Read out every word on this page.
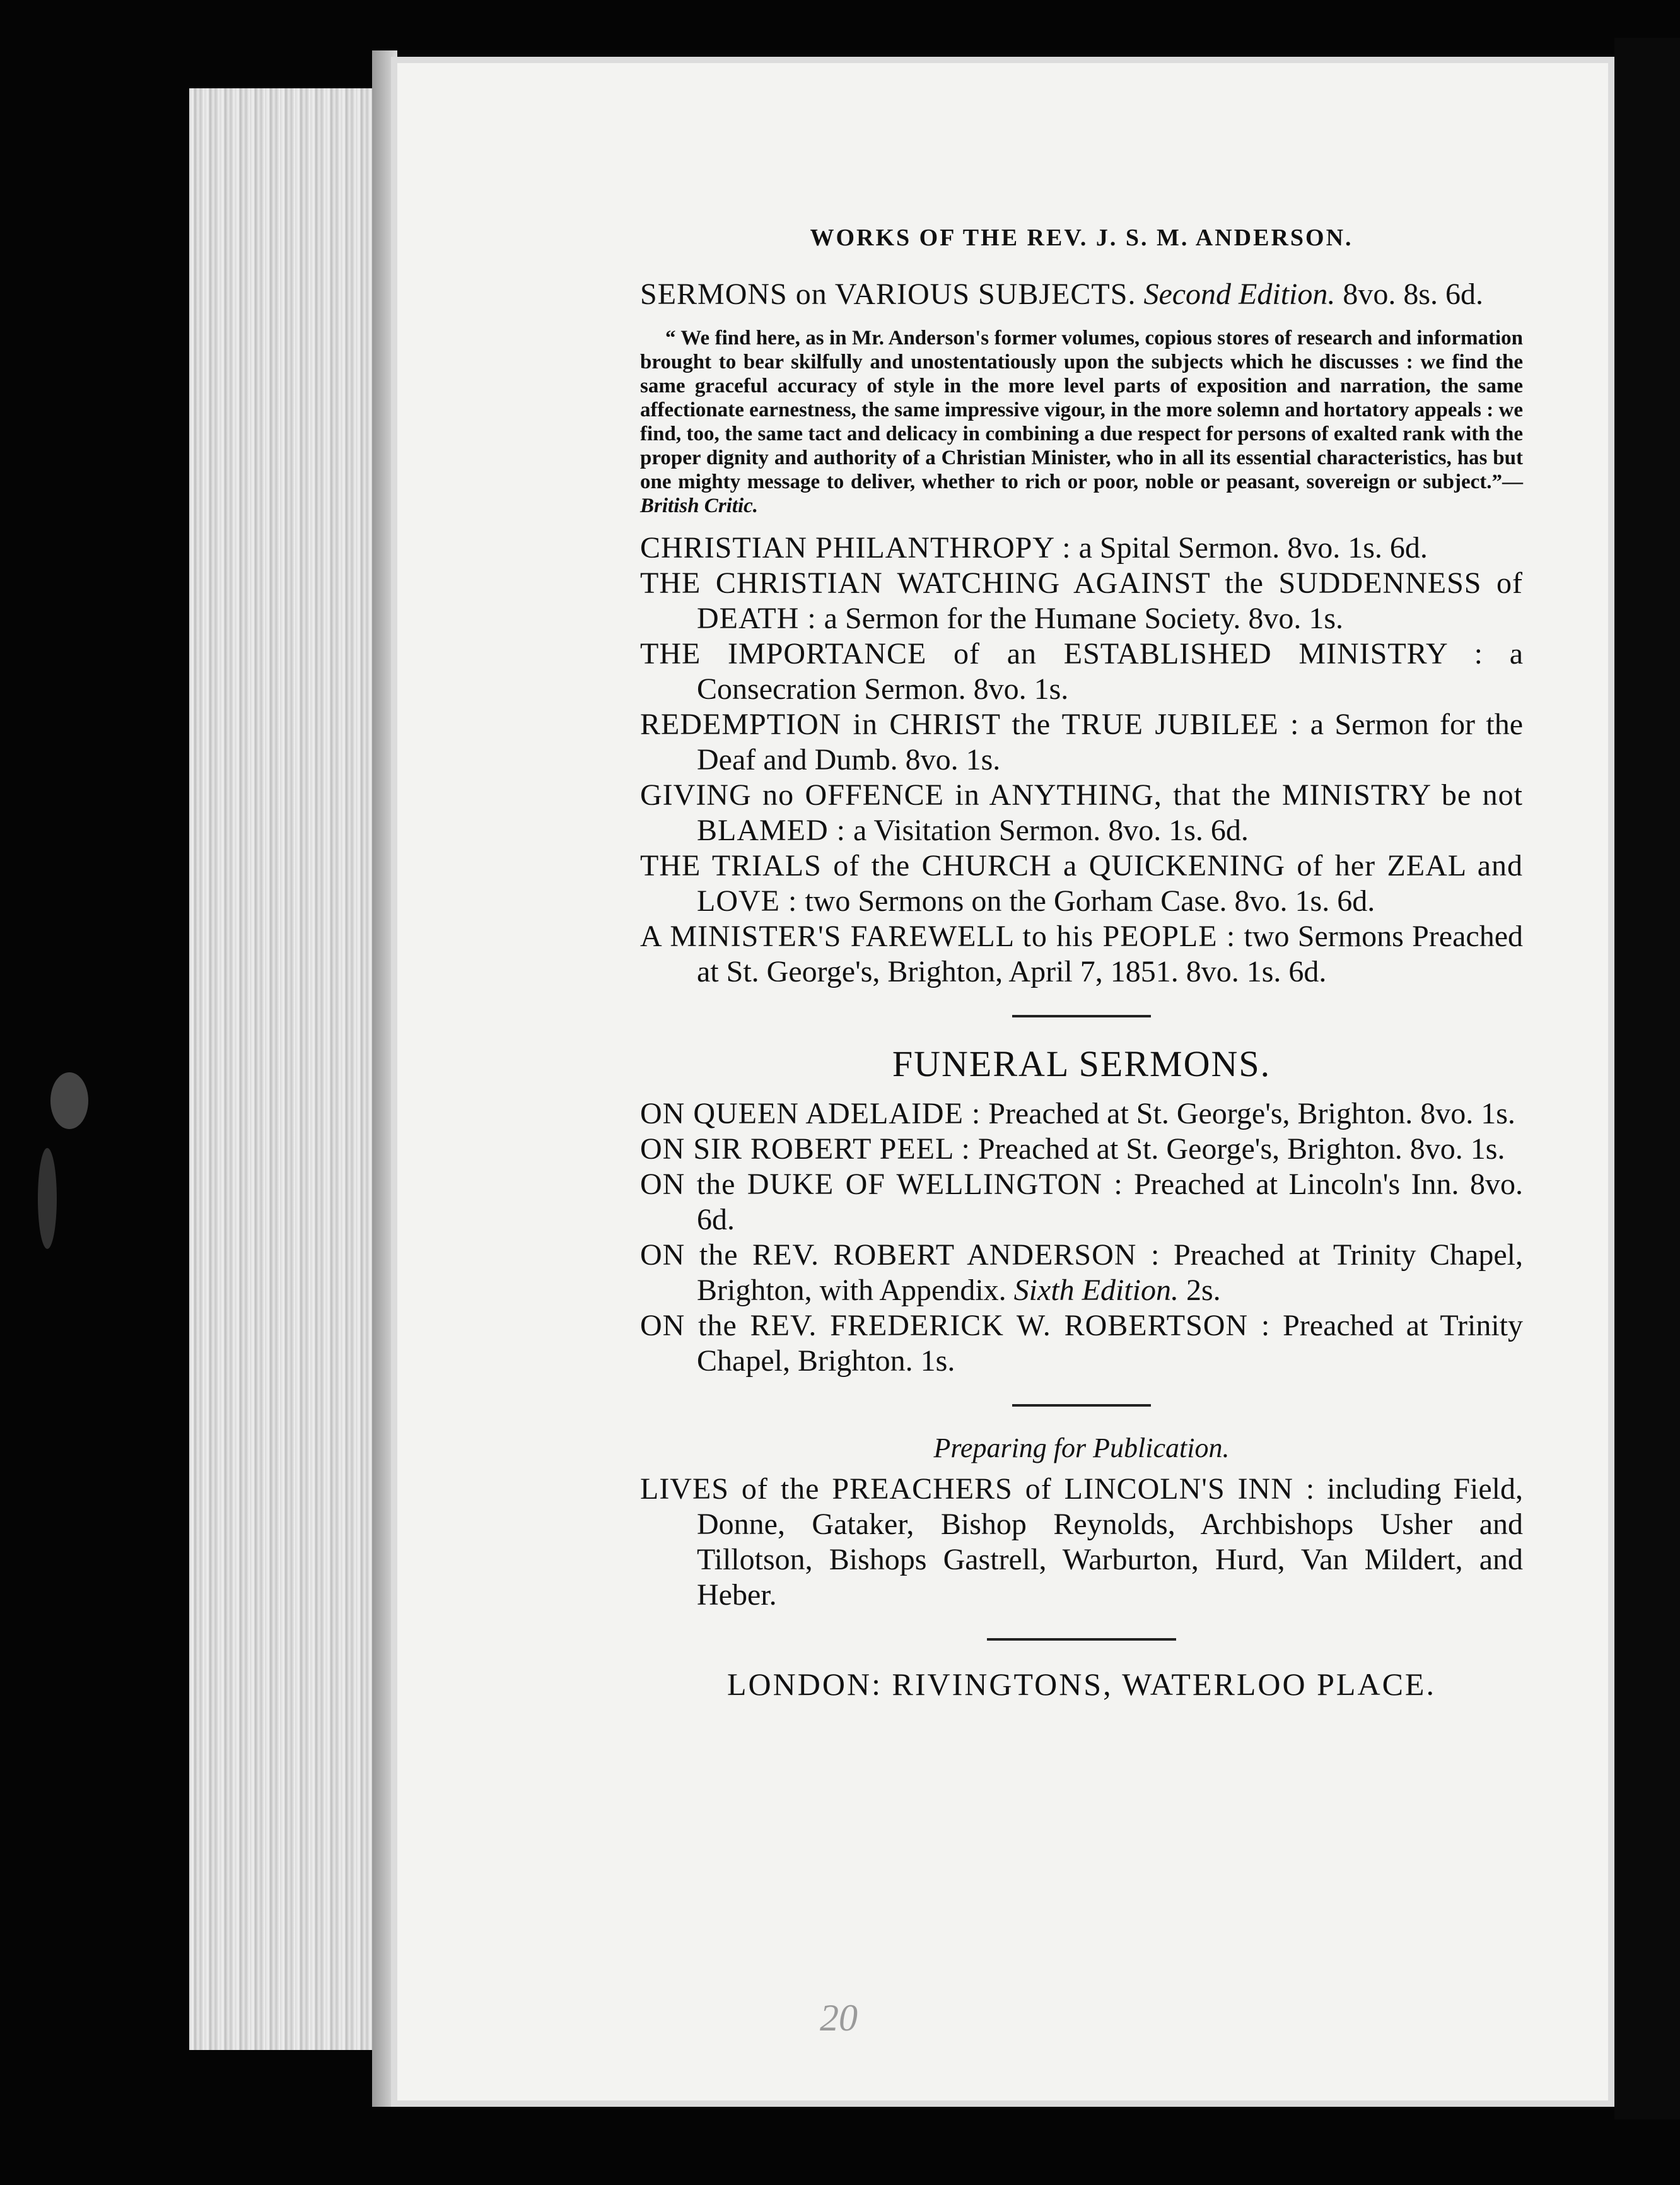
WORKS OF THE REV. J. S. M. ANDERSON.

SERMONS on VARIOUS SUBJECTS. Second Edition. 8vo. 8s. 6d.

“ We find here, as in Mr. Anderson's former volumes, copious stores of research and information brought to bear skilfully and unostentatiously upon the subjects which he discusses : we find the same graceful accuracy of style in the more level parts of exposition and narration, the same affectionate earnestness, the same impressive vigour, in the more solemn and hortatory appeals : we find, too, the same tact and delicacy in combining a due respect for persons of exalted rank with the proper dignity and authority of a Christian Minister, who in all its essential characteristics, has but one mighty message to deliver, whether to rich or poor, noble or peasant, sovereign or subject.”—British Critic.

CHRISTIAN PHILANTHROPY : a Spital Sermon. 8vo. 1s. 6d.

THE CHRISTIAN WATCHING AGAINST the SUDDENNESS of DEATH : a Sermon for the Humane Society. 8vo. 1s.

THE IMPORTANCE of an ESTABLISHED MINISTRY : a Consecration Sermon. 8vo. 1s.

REDEMPTION in CHRIST the TRUE JUBILEE : a Sermon for the Deaf and Dumb. 8vo. 1s.

GIVING no OFFENCE in ANYTHING, that the MINISTRY be not BLAMED : a Visitation Sermon. 8vo. 1s. 6d.

THE TRIALS of the CHURCH a QUICKENING of her ZEAL and LOVE : two Sermons on the Gorham Case. 8vo. 1s. 6d.

A MINISTER'S FAREWELL to his PEOPLE : two Sermons Preached at St. George's, Brighton, April 7, 1851. 8vo. 1s. 6d.

FUNERAL SERMONS.

ON QUEEN ADELAIDE : Preached at St. George's, Brighton. 8vo. 1s.

ON SIR ROBERT PEEL : Preached at St. George's, Brighton. 8vo. 1s.

ON the DUKE OF WELLINGTON : Preached at Lincoln's Inn. 8vo. 6d.

ON the REV. ROBERT ANDERSON : Preached at Trinity Chapel, Brighton, with Appendix. Sixth Edition. 2s.

ON the REV. FREDERICK W. ROBERTSON : Preached at Trinity Chapel, Brighton. 1s.

Preparing for Publication.

LIVES of the PREACHERS of LINCOLN'S INN : including Field, Donne, Gataker, Bishop Reynolds, Archbishops Usher and Tillotson, Bishops Gastrell, Warburton, Hurd, Van Mildert, and Heber.

LONDON: RIVINGTONS, WATERLOO PLACE.
20
